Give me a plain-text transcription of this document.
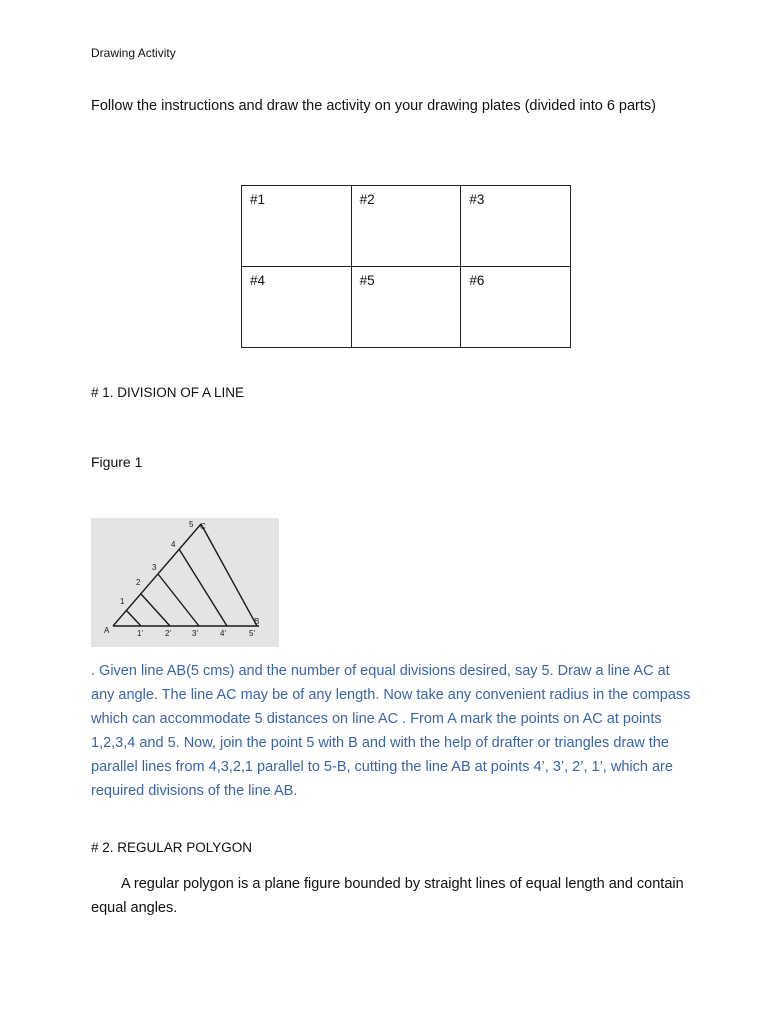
Drawing Activity
Follow the instructions and draw the activity on your drawing plates (divided into 6 parts)
#1	#2	#3
#4	#5	#6
# 1. DIVISION OF A LINE
Figure 1
A
B
C
5
4
3
2
1
1'	2'	3'	4'	5'
. Given line AB(5 cms) and the number of equal divisions desired, say 5. Draw a line AC at any angle. The line AC may be of any length. Now take any convenient radius in the compass which can accommodate 5 distances on line AC . From A mark the points on AC at points 1,2,3,4 and 5. Now, join the point 5 with B and with the help of drafter or triangles draw the parallel lines from 4,3,2,1 parallel to 5-B, cutting the line AB at points 4’, 3’, 2’, 1’, which are required divisions of the line AB.
# 2. REGULAR POLYGON
A regular polygon is a plane figure bounded by straight lines of equal length and contain equal angles.
